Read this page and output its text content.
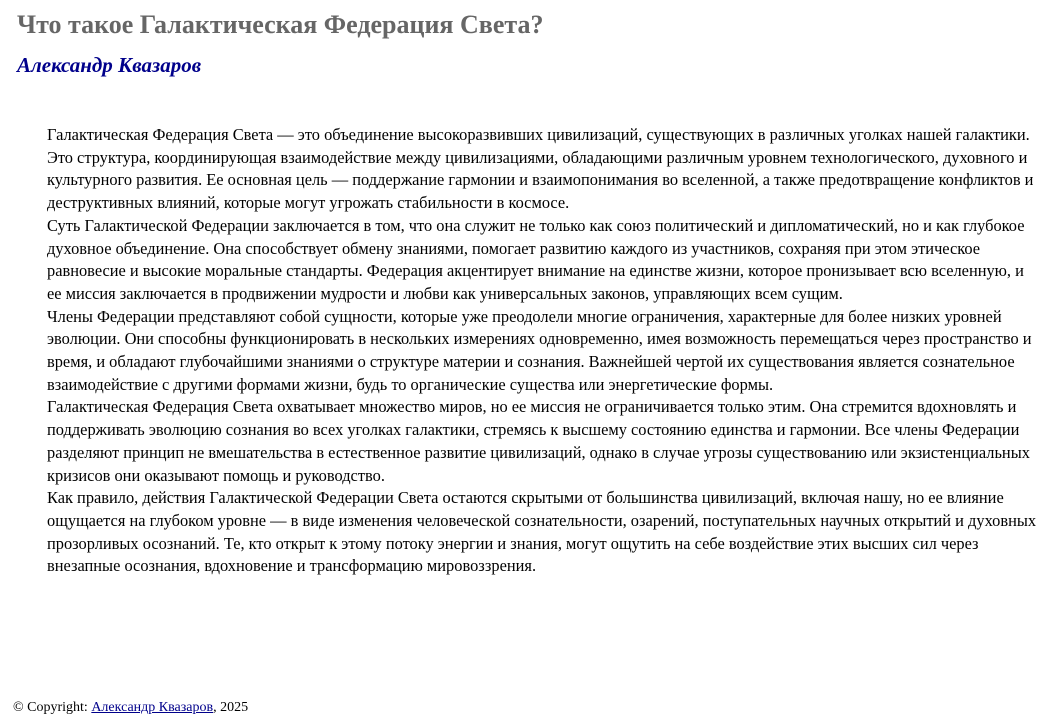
Что такое Галактическая Федерация Света?
Александр Квазаров

Галактическая Федерация Света — это объединение высокоразвивших цивилизаций, существующих в различных уголках нашей галактики. Это структура, координирующая взаимодействие между цивилизациями, обладающими различным уровнем технологического, духовного и культурного развития. Ее основная цель — поддержание гармонии и взаимопонимания во вселенной, а также предотвращение конфликтов и деструктивных влияний, которые могут угрожать стабильности в космосе.

Суть Галактической Федерации заключается в том, что она служит не только как союз политический и дипломатический, но и как глубокое духовное объединение. Она способствует обмену знаниями, помогает развитию каждого из участников, сохраняя при этом этическое равновесие и высокие моральные стандарты. Федерация акцентирует внимание на единстве жизни, которое пронизывает всю вселенную, и ее миссия заключается в продвижении мудрости и любви как универсальных законов, управляющих всем сущим.

Члены Федерации представляют собой сущности, которые уже преодолели многие ограничения, характерные для более низких уровней эволюции. Они способны функционировать в нескольких измерениях одновременно, имея возможность перемещаться через пространство и время, и обладают глубочайшими знаниями о структуре материи и сознания. Важнейшей чертой их существования является сознательное взаимодействие с другими формами жизни, будь то органические существа или энергетические формы.

Галактическая Федерация Света охватывает множество миров, но ее миссия не ограничивается только этим. Она стремится вдохновлять и поддерживать эволюцию сознания во всех уголках галактики, стремясь к высшему состоянию единства и гармонии. Все члены Федерации разделяют принцип не вмешательства в естественное развитие цивилизаций, однако в случае угрозы существованию или экзистенциальных кризисов они оказывают помощь и руководство.

Как правило, действия Галактической Федерации Света остаются скрытыми от большинства цивилизаций, включая нашу, но ее влияние ощущается на глубоком уровне — в виде изменения человеческой сознательности, озарений, поступательных научных открытий и духовных прозорливых осознаний. Те, кто открыт к этому потоку энергии и знания, могут ощутить на себе воздействие этих высших сил через внезапные осознания, вдохновение и трансформацию мировоззрения.

© Copyright: Александр Квазаров, 2025
